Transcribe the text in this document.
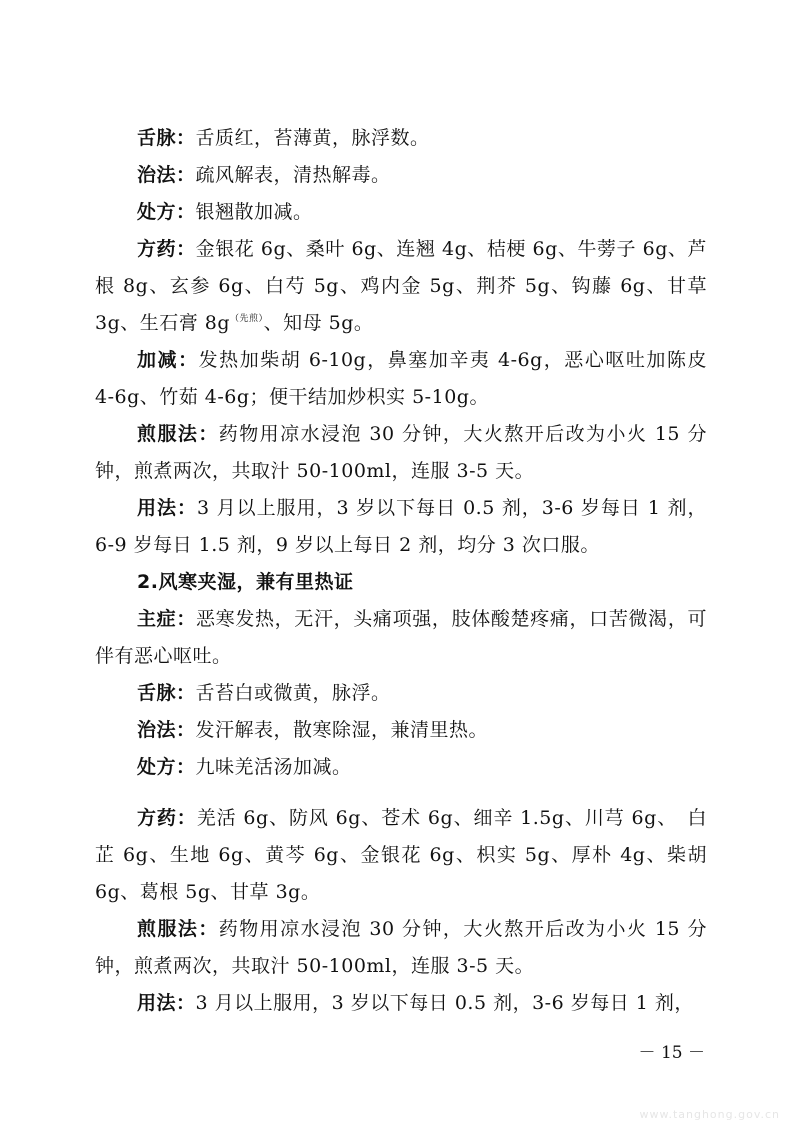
舌脉：舌质红，苔薄黄，脉浮数。
治法：疏风解表，清热解毒。
处方：银翘散加减。
方药：金银花 6g、桑叶 6g、连翘 4g、桔梗 6g、牛蒡子 6g、芦根 8g、玄参 6g、白芍 5g、鸡内金 5g、荆芥 5g、钩藤 6g、甘草 3g、生石膏 $8g^{(先煎)}$、知母 5g。
加减：发热加柴胡 6-10g，鼻塞加辛夷 4-6g，恶心呕吐加陈皮 4-6g、竹茹 4-6g；便干结加炒枳实 5-10g。
煎服法：药物用凉水浸泡 30 分钟，大火熬开后改为小火 15 分钟，煎煮两次，共取汁 50-100ml，连服 3-5 天。
用法：3 月以上服用，3 岁以下每日 0.5 剂，3-6 岁每日 1 剂，6-9 岁每日 1.5 剂，9 岁以上每日 2 剂，均分 3 次口服。
2.风寒夹湿，兼有里热证
主症：恶寒发热，无汗，头痛项强，肢体酸楚疼痛，口苦微渴，可伴有恶心呕吐。
舌脉：舌苔白或微黄，脉浮。
治法：发汗解表，散寒除湿，兼清里热。
处方：九味羌活汤加减。
方药：羌活 6g、防风 6g、苍术 6g、细辛 1.5g、川芎 6g、　白芷 6g、生地 6g、黄芩 6g、金银花 6g、枳实 5g、厚朴 4g、柴胡 6g、葛根 5g、甘草 3g。
煎服法：药物用凉水浸泡 30 分钟，大火熬开后改为小火 15 分钟，煎煮两次，共取汁 50-100ml，连服 3-5 天。
用法：3 月以上服用，3 岁以下每日 0.5 剂，3-6 岁每日 1 剂，
－ 15 －
www.tanghong.gov.cn
